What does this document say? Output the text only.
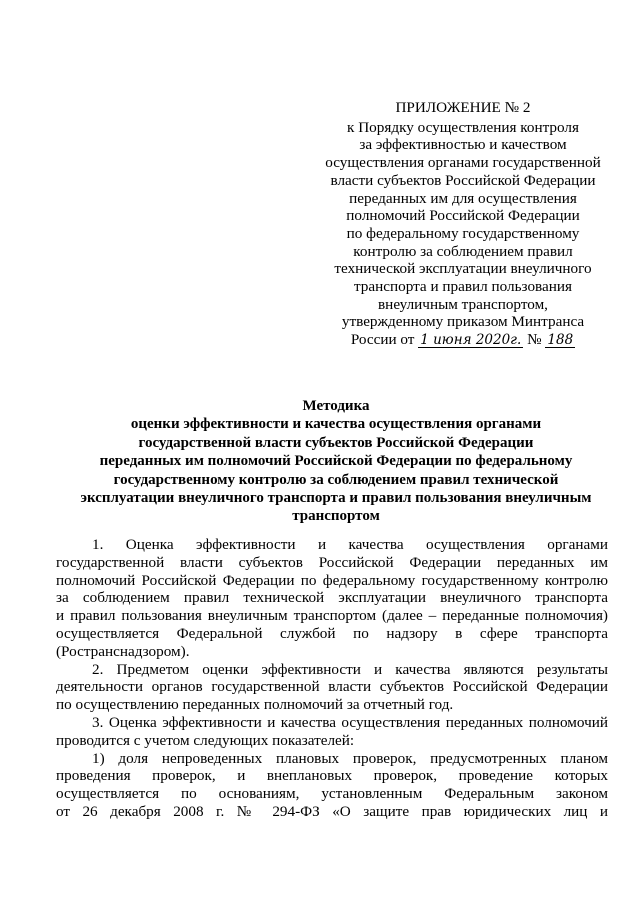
ПРИЛОЖЕНИЕ № 2
к Порядку осуществления контроля
за эффективностью и качеством
осуществления органами государственной
власти субъектов Российской Федерации
переданных им для осуществления
полномочий Российской Федерации
по федеральному государственному
контролю за соблюдением правил
технической эксплуатации внеуличного
транспорта и правил пользования
внеуличным транспортом,
утвержденному приказом Минтранса
России от 1 июня 2020г. № 188
Методика
оценки эффективности и качества осуществления органами
государственной власти субъектов Российской Федерации
переданных им полномочий Российской Федерации по федеральному
государственному контролю за соблюдением правил технической
эксплуатации внеуличного транспорта и правил пользования внеуличным
транспортом
1. Оценка эффективности и качества осуществления органами
государственной власти субъектов Российской Федерации переданных им
полномочий Российской Федерации по федеральному государственному контролю
за соблюдением правил технической эксплуатации внеуличного транспорта
и правил пользования внеуличным транспортом (далее – переданные полномочия)
осуществляется Федеральной службой по надзору в сфере транспорта
(Ространснадзором).
2. Предметом оценки эффективности и качества являются результаты
деятельности органов государственной власти субъектов Российской Федерации
по осуществлению переданных полномочий за отчетный год.
3. Оценка эффективности и качества осуществления переданных полномочий
проводится с учетом следующих показателей:
1) доля непроведенных плановых проверок, предусмотренных планом
проведения проверок, и внеплановых проверок, проведение которых
осуществляется по основаниям, установленным Федеральным законом
от 26 декабря 2008 г. № 294-ФЗ «О защите прав юридических лиц и
